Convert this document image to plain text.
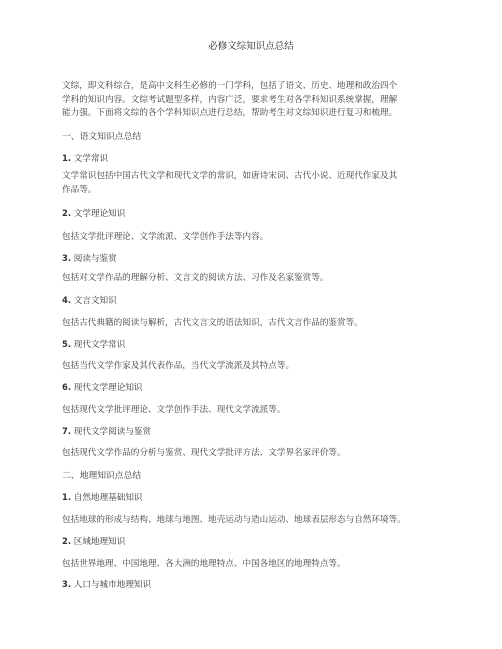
必修文综知识点总结
文综，即文科综合，是高中文科生必修的一门学科，包括了语文、历史、地理和政治四个
学科的知识内容。文综考试题型多样，内容广泛，要求考生对各学科知识系统掌握，理解
能力强。下面将文综的各个学科知识点进行总结，帮助考生对文综知识进行复习和梳理。
一、语文知识点总结
1. 文学常识
文学常识包括中国古代文学和现代文学的常识，如唐诗宋词、古代小说、近现代作家及其
作品等。
2. 文学理论知识
包括文学批评理论、文学流派、文学创作手法等内容。
3. 阅读与鉴赏
包括对文学作品的理解分析、文言文的阅读方法、习作及名家鉴赏等。
4. 文言文知识
包括古代典籍的阅读与解析，古代文言文的语法知识，古代文言作品的鉴赏等。
5. 现代文学常识
包括当代文学作家及其代表作品，当代文学流派及其特点等。
6. 现代文学理论知识
包括现代文学批评理论、文学创作手法、现代文学流派等。
7. 现代文学阅读与鉴赏
包括现代文学作品的分析与鉴赏、现代文学批评方法、文学界名家评价等。
二、地理知识点总结
1. 自然地理基础知识
包括地球的形成与结构、地球与地图、地壳运动与造山运动、地球表层形态与自然环境等。
2. 区域地理知识
包括世界地理、中国地理、各大洲的地理特点、中国各地区的地理特点等。
3. 人口与城市地理知识
